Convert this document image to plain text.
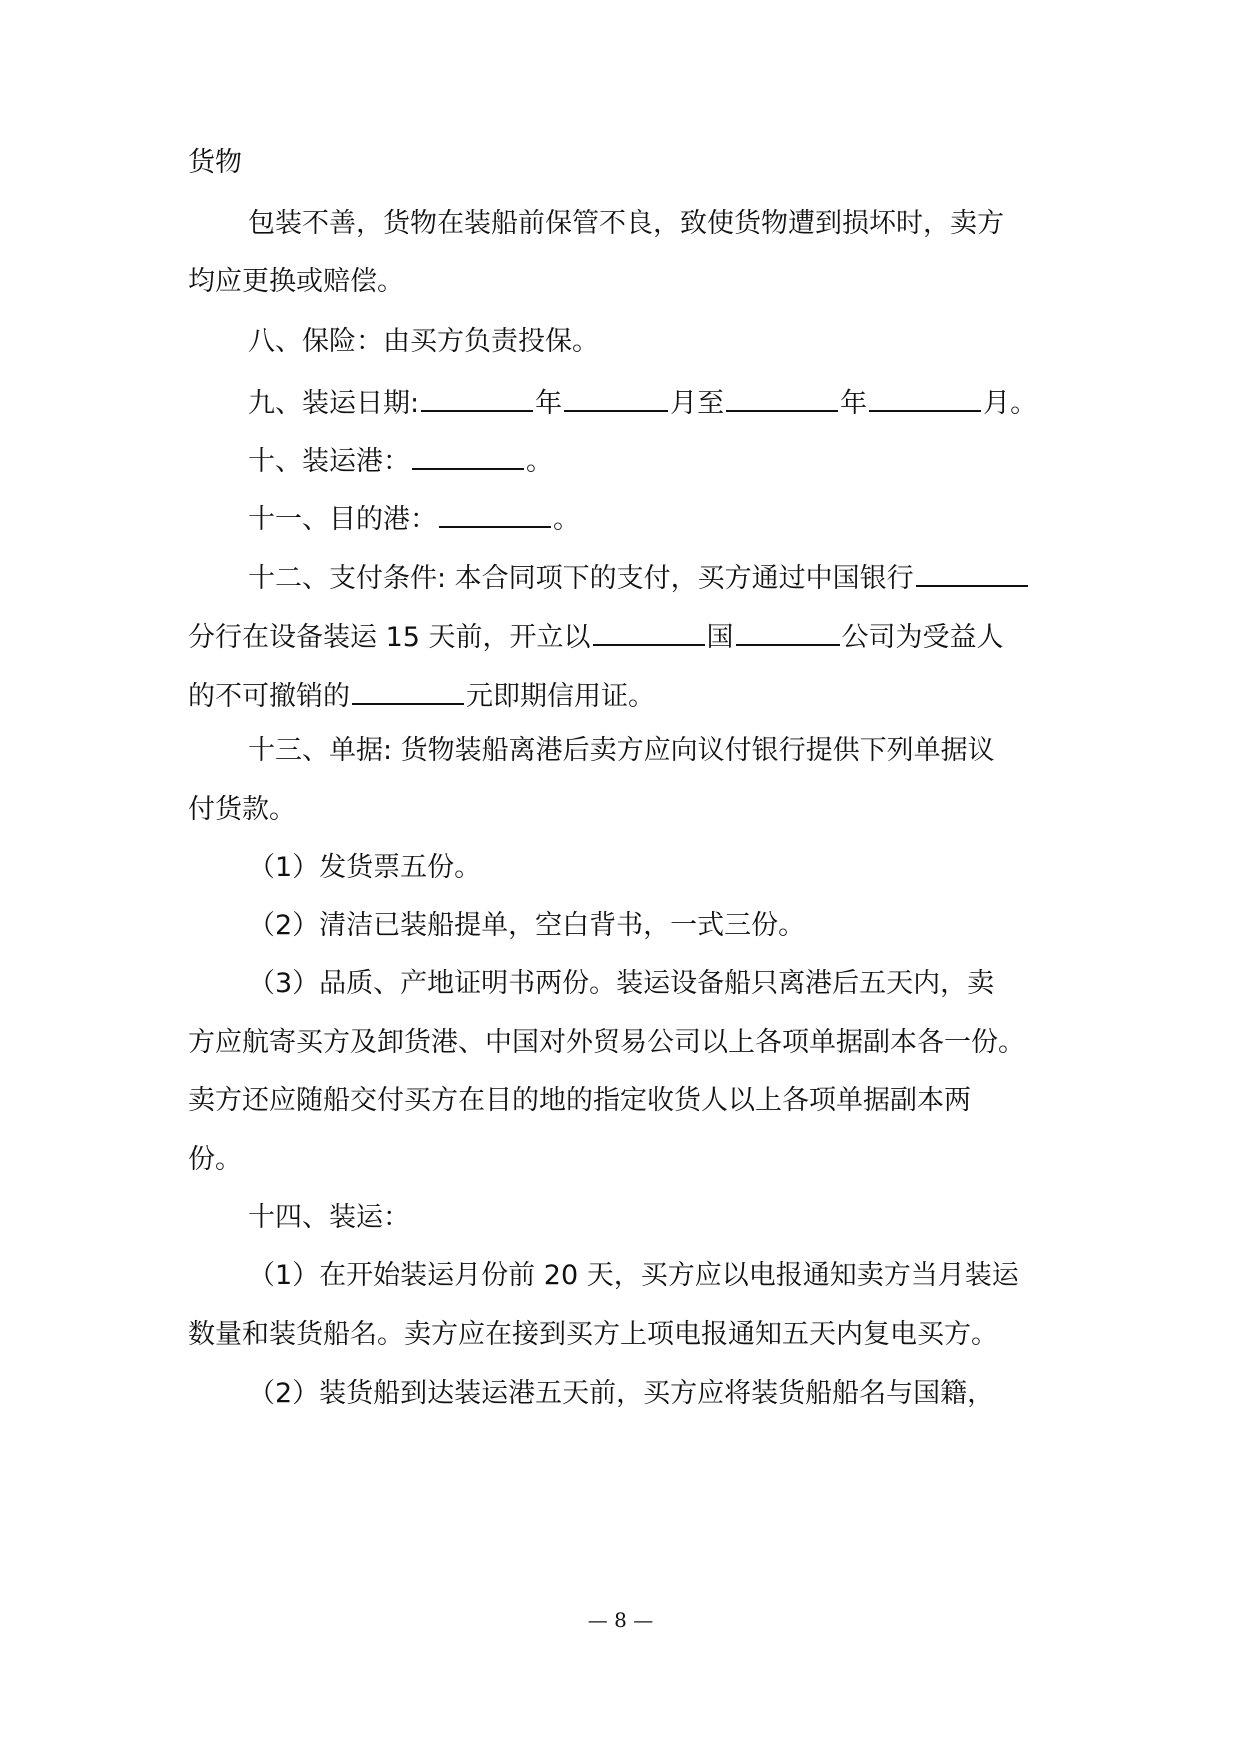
货物
包装不善，货物在装船前保管不良，致使货物遭到损坏时，卖方
均应更换或赔偿。
八、保险：由买方负责投保。
九、装运日期:	年	月至	年	月。
十、装运港：	。
十一、目的港：	。
十二、支付条件: 本合同项下的支付，买方通过中国银行
分行在设备装运 15 天前，开立以	国	公司为受益人
的不可撤销的	元即期信用证。
十三、单据: 货物装船离港后卖方应向议付银行提供下列单据议
付货款。
（1）发货票五份。
（2）清洁已装船提单，空白背书，一式三份。
（3）品质、产地证明书两份。装运设备船只离港后五天内，卖
方应航寄买方及卸货港、中国对外贸易公司以上各项单据副本各一份。
卖方还应随船交付买方在目的地的指定收货人以上各项单据副本两
份。
十四、装运：
（1）在开始装运月份前 20 天，买方应以电报通知卖方当月装运
数量和装货船名。卖方应在接到买方上项电报通知五天内复电买方。
（2）装货船到达装运港五天前，买方应将装货船船名与国籍，
— 8 —
